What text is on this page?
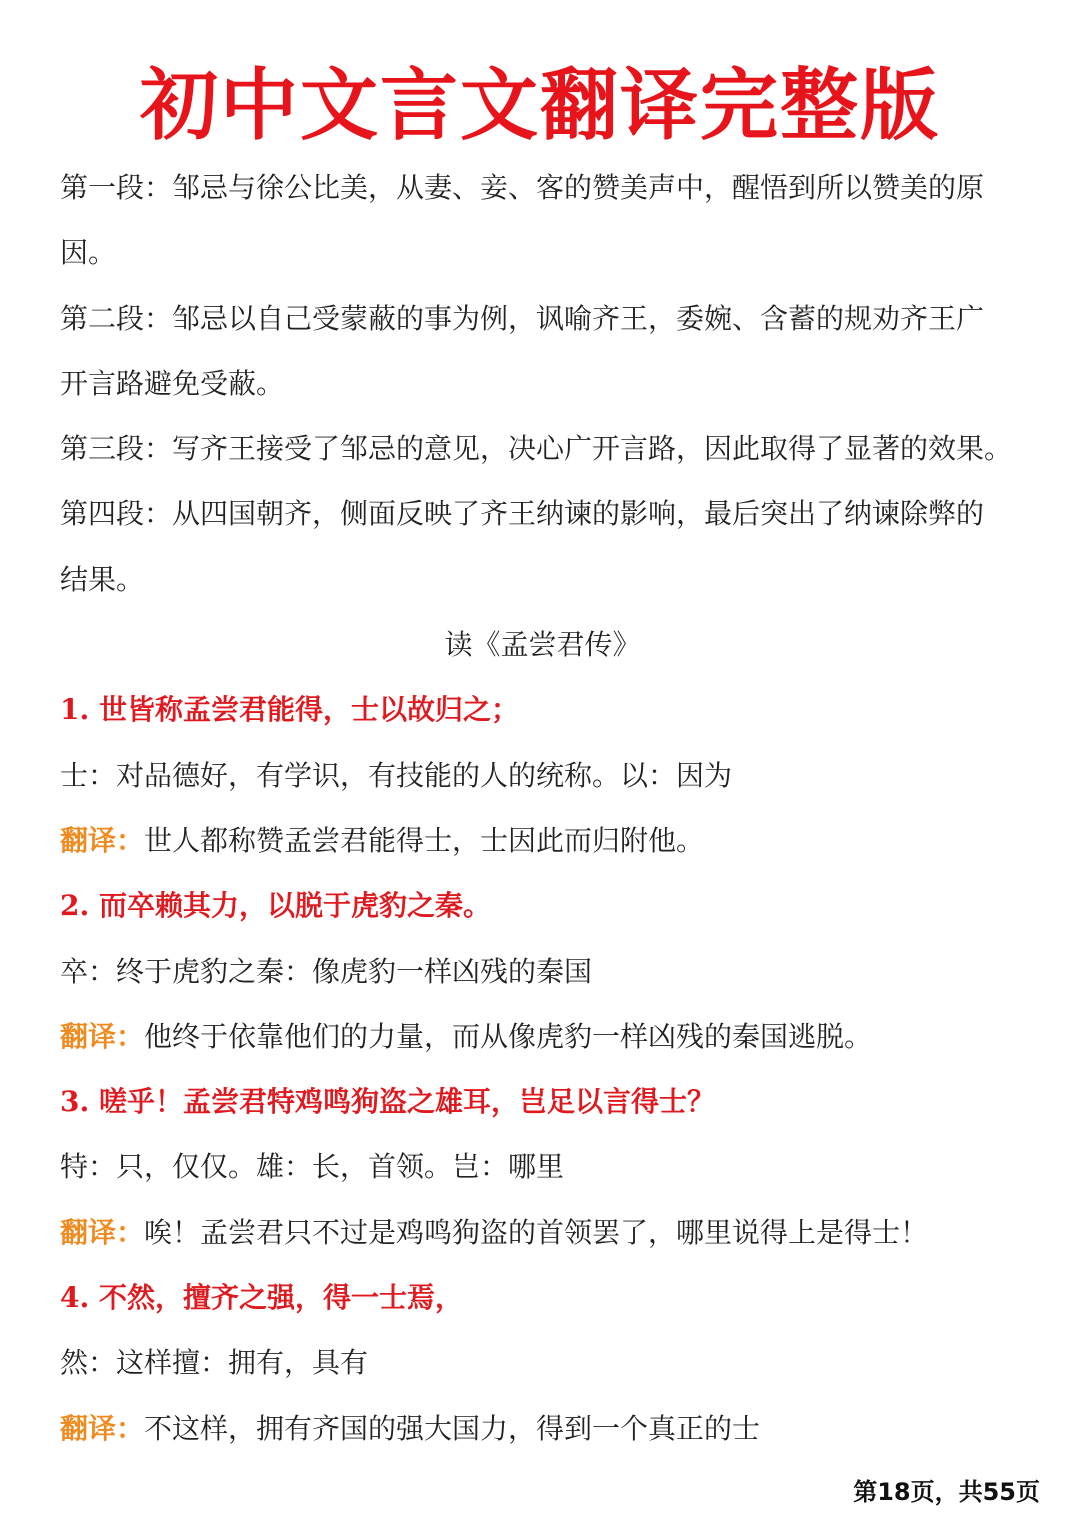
初中文言文翻译完整版
第一段：邹忌与徐公比美，从妻、妾、客的赞美声中，醒悟到所以赞美的原
因。
第二段：邹忌以自己受蒙蔽的事为例，讽喻齐王，委婉、含蓄的规劝齐王广
开言路避免受蔽。
第三段：写齐王接受了邹忌的意见，决心广开言路，因此取得了显著的效果。
第四段：从四国朝齐，侧面反映了齐王纳谏的影响，最后突出了纳谏除弊的
结果。
读《孟尝君传》
1. 世皆称孟尝君能得，士以故归之；
士：对品德好，有学识，有技能的人的统称。以：因为
翻译：世人都称赞孟尝君能得士，士因此而归附他。
2. 而卒赖其力，以脱于虎豹之秦。
卒：终于虎豹之秦：像虎豹一样凶残的秦国
翻译：他终于依靠他们的力量，而从像虎豹一样凶残的秦国逃脱。
3. 嗟乎！孟尝君特鸡鸣狗盗之雄耳，岂足以言得士？
特：只，仅仅。雄：长，首领。岂：哪里
翻译：唉！孟尝君只不过是鸡鸣狗盗的首领罢了，哪里说得上是得士！
4. 不然，擅齐之强，得一士焉，
然：这样擅：拥有，具有
翻译：不这样，拥有齐国的强大国力，得到一个真正的士
第18页，共55页
